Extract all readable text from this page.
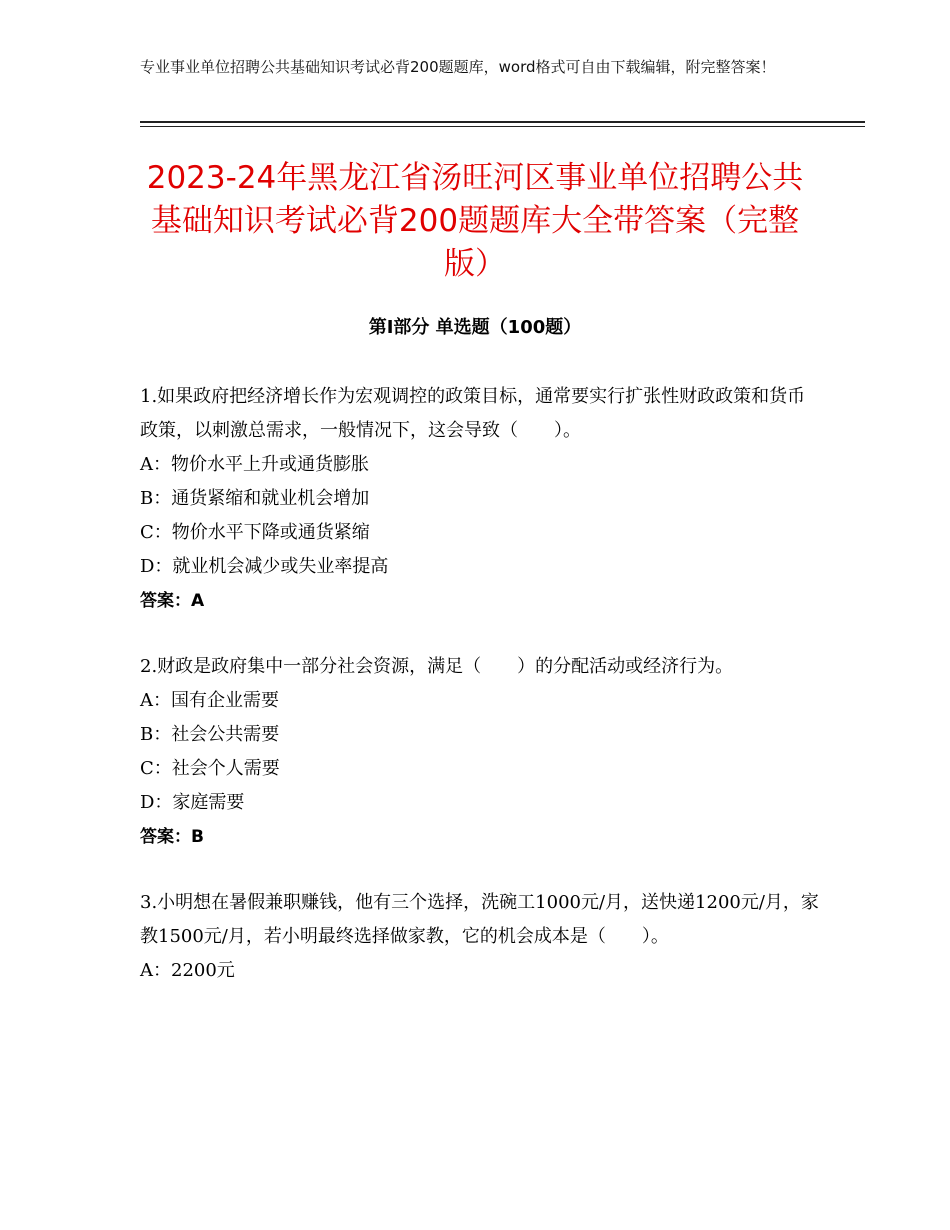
专业事业单位招聘公共基础知识考试必背200题题库，word格式可自由下载编辑，附完整答案！
2023-24年黑龙江省汤旺河区事业单位招聘公共基础知识考试必背200题题库大全带答案（完整版）
第Ⅰ部分 单选题（100题）
1.如果政府把经济增长作为宏观调控的政策目标，通常要实行扩张性财政政策和货币政策，以刺激总需求，一般情况下，这会导致（　　）。
A：物价水平上升或通货膨胀
B：通货紧缩和就业机会增加
C：物价水平下降或通货紧缩
D：就业机会减少或失业率提高
答案：A
2.财政是政府集中一部分社会资源，满足（　　）的分配活动或经济行为。
A：国有企业需要
B：社会公共需要
C：社会个人需要
D：家庭需要
答案：B
3.小明想在暑假兼职赚钱，他有三个选择，洗碗工1000元/月，送快递1200元/月，家教1500元/月，若小明最终选择做家教，它的机会成本是（　　）。
A：2200元
